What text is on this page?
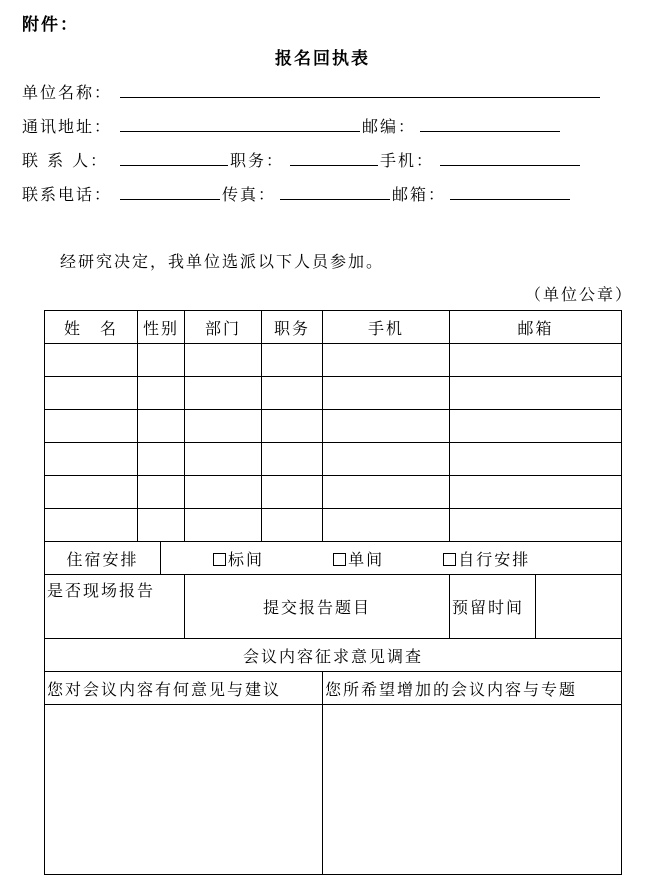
附件：
报名回执表
单位名称：
通讯地址：	邮编：
联 系 人：	职务：	手机：
联系电话：	传真：	邮箱：
经研究决定，我单位选派以下人员参加。
（单位公章）
姓　名	性别		部门	职务	手机	邮箱	

住宿安排		标间 单间 自行安排					
是否现场报告			提交报告题目			预留时间	
会议内容征求意见调查							
您对会议内容有何意见与建议					您所希望增加的会议内容与专题		
